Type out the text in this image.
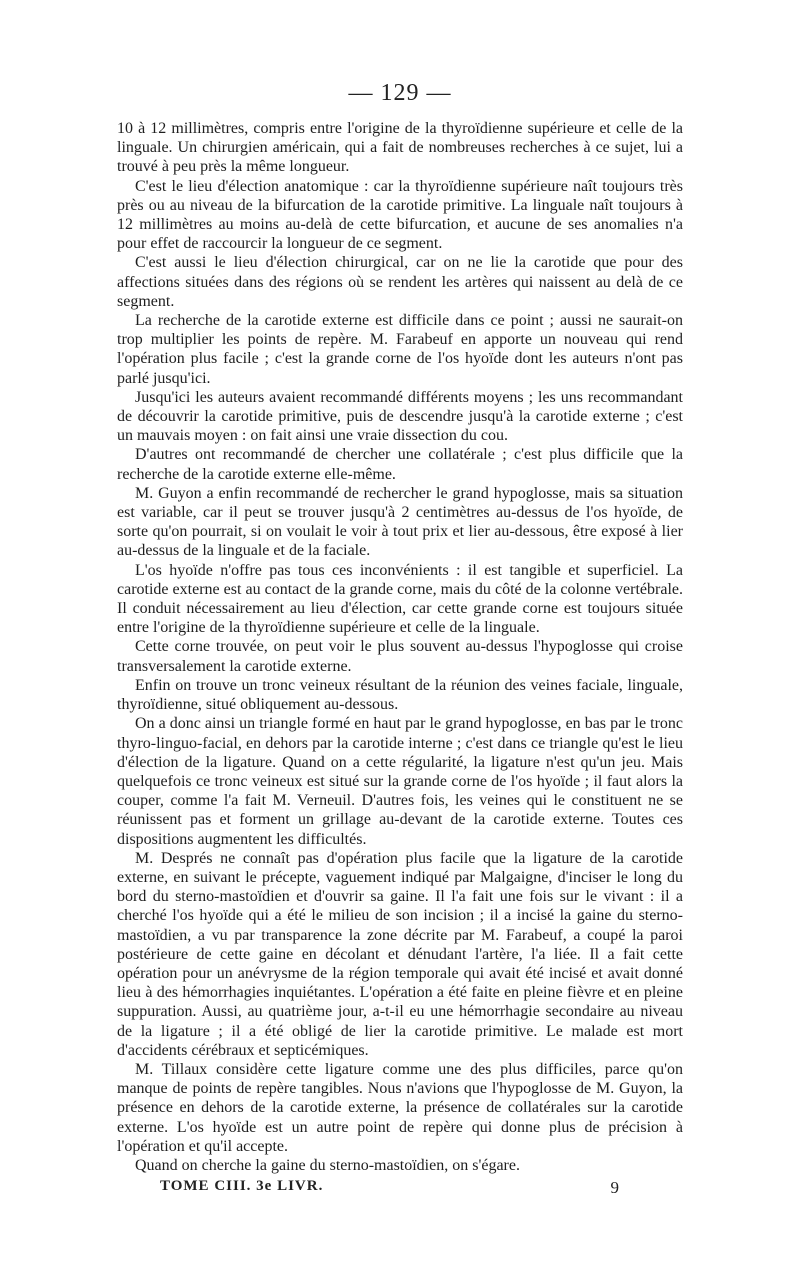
— 129 —

10 à 12 millimètres, compris entre l'origine de la thyroïdienne supérieure et celle de la linguale. Un chirurgien américain, qui a fait de nombreuses recherches à ce sujet, lui a trouvé à peu près la même longueur.

C'est le lieu d'élection anatomique : car la thyroïdienne supérieure naît toujours très près ou au niveau de la bifurcation de la carotide primitive. La linguale naît toujours à 12 millimètres au moins au-delà de cette bifurcation, et aucune de ses anomalies n'a pour effet de raccourcir la longueur de ce segment.

C'est aussi le lieu d'élection chirurgical, car on ne lie la carotide que pour des affections situées dans des régions où se rendent les artères qui naissent au delà de ce segment.

La recherche de la carotide externe est difficile dans ce point ; aussi ne saurait-on trop multiplier les points de repère. M. Farabeuf en apporte un nouveau qui rend l'opération plus facile ; c'est la grande corne de l'os hyoïde dont les auteurs n'ont pas parlé jusqu'ici.

Jusqu'ici les auteurs avaient recommandé différents moyens ; les uns recommandant de découvrir la carotide primitive, puis de descendre jusqu'à la carotide externe ; c'est un mauvais moyen : on fait ainsi une vraie dissection du cou.

D'autres ont recommandé de chercher une collatérale ; c'est plus difficile que la recherche de la carotide externe elle-même.

M. Guyon a enfin recommandé de rechercher le grand hypoglosse, mais sa situation est variable, car il peut se trouver jusqu'à 2 centimètres au-dessus de l'os hyoïde, de sorte qu'on pourrait, si on voulait le voir à tout prix et lier au-dessous, être exposé à lier au-dessus de la linguale et de la faciale.

L'os hyoïde n'offre pas tous ces inconvénients : il est tangible et superficiel. La carotide externe est au contact de la grande corne, mais du côté de la colonne vertébrale. Il conduit nécessairement au lieu d'élection, car cette grande corne est toujours située entre l'origine de la thyroïdienne supérieure et celle de la linguale.

Cette corne trouvée, on peut voir le plus souvent au-dessus l'hypoglosse qui croise transversalement la carotide externe.

Enfin on trouve un tronc veineux résultant de la réunion des veines faciale, linguale, thyroïdienne, situé obliquement au-dessous.

On a donc ainsi un triangle formé en haut par le grand hypoglosse, en bas par le tronc thyro-linguo-facial, en dehors par la carotide interne ; c'est dans ce triangle qu'est le lieu d'élection de la ligature. Quand on a cette régularité, la ligature n'est qu'un jeu. Mais quelquefois ce tronc veineux est situé sur la grande corne de l'os hyoïde ; il faut alors la couper, comme l'a fait M. Verneuil. D'autres fois, les veines qui le constituent ne se réunissent pas et forment un grillage au-devant de la carotide externe. Toutes ces dispositions augmentent les difficultés.

M. Després ne connaît pas d'opération plus facile que la ligature de la carotide externe, en suivant le précepte, vaguement indiqué par Malgaigne, d'inciser le long du bord du sterno-mastoïdien et d'ouvrir sa gaine. Il l'a fait une fois sur le vivant : il a cherché l'os hyoïde qui a été le milieu de son incision ; il a incisé la gaine du sterno-mastoïdien, a vu par transparence la zone décrite par M. Farabeuf, a coupé la paroi postérieure de cette gaine en décolant et dénudant l'artère, l'a liée. Il a fait cette opération pour un anévrysme de la région temporale qui avait été incisé et avait donné lieu à des hémorrhagies inquiétantes. L'opération a été faite en pleine fièvre et en pleine suppuration. Aussi, au quatrième jour, a-t-il eu une hémorrhagie secondaire au niveau de la ligature ; il a été obligé de lier la carotide primitive. Le malade est mort d'accidents cérébraux et septicémiques.

M. Tillaux considère cette ligature comme une des plus difficiles, parce qu'on manque de points de repère tangibles. Nous n'avions que l'hypoglosse de M. Guyon, la présence en dehors de la carotide externe, la présence de collatérales sur la carotide externe. L'os hyoïde est un autre point de repère qui donne plus de précision à l'opération et qu'il accepte.

Quand on cherche la gaine du sterno-mastoïdien, on s'égare.

TOME CIII. 3e LIVR.	9
